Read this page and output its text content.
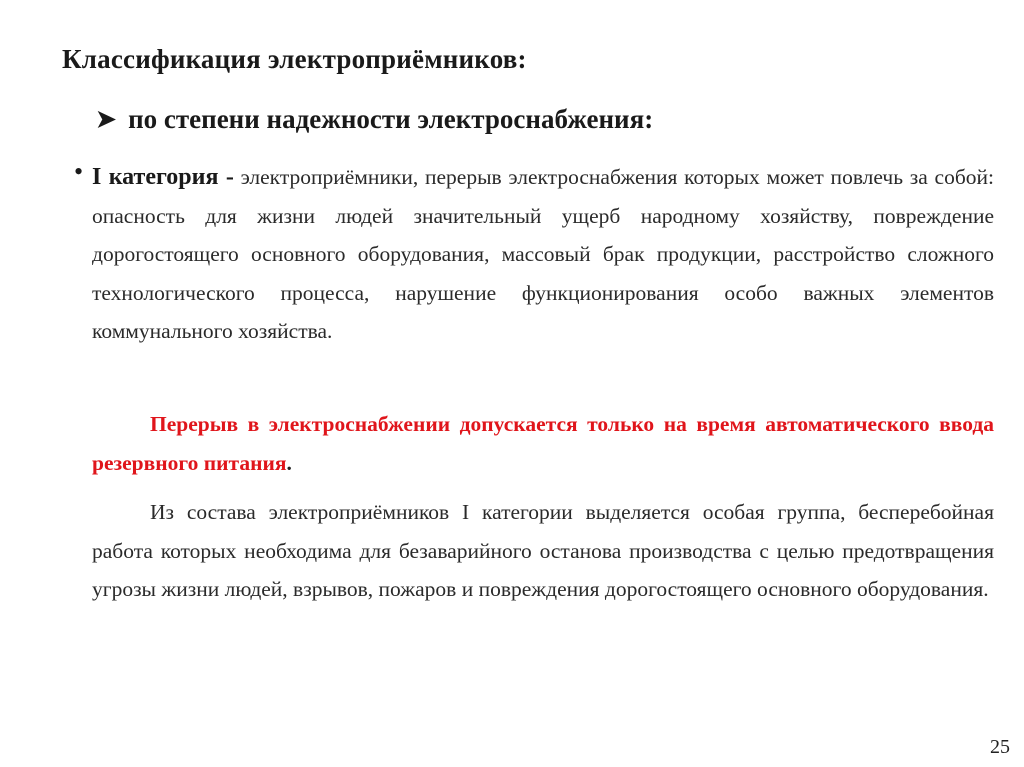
Классификация электроприёмников:
➤ по степени надежности электроснабжения:
• I категория - электроприёмники, перерыв электроснабжения которых может повлечь за собой: опасность для жизни людей значительный ущерб народному хозяйству, повреждение дорогостоящего основного оборудования, массовый брак продукции, расстройство сложного технологического процесса, нарушение функционирования особо важных элементов коммунального хозяйства.
Перерыв в электроснабжении допускается только на время автоматического ввода резервного питания.
Из состава электроприёмников I категории выделяется особая группа, бесперебойная работа которых необходима для безаварийного останова производства с целью предотвращения угрозы жизни людей, взрывов, пожаров и повреждения дорогостоящего основного оборудования.
25
